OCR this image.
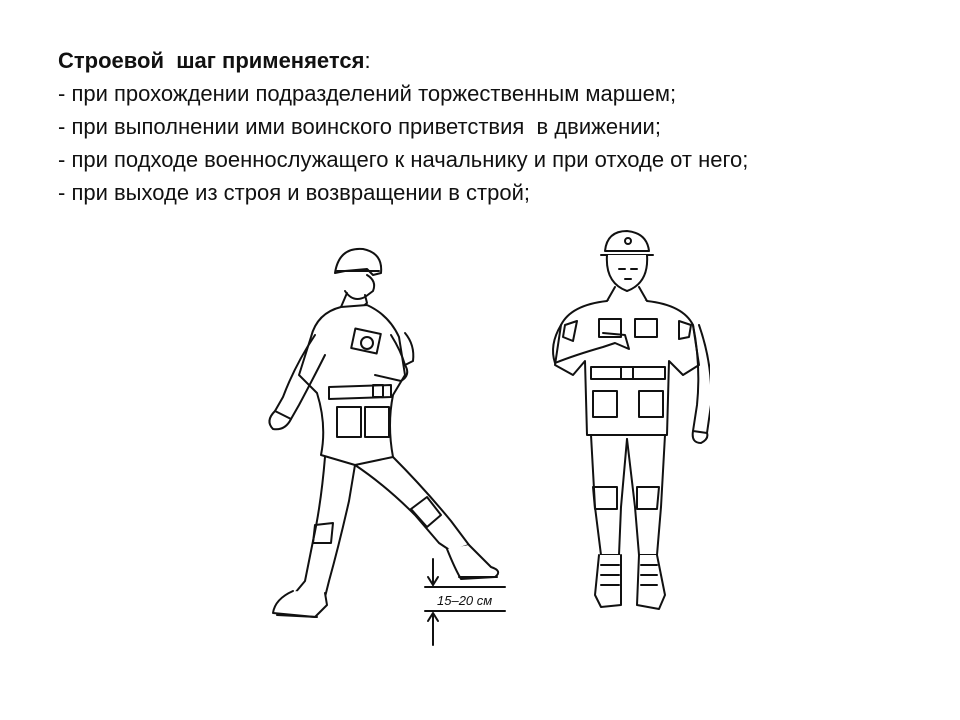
Строевой  шаг применяется:
- при прохождении подразделений торжественным маршем;
- при выполнении ими воинского приветствия  в движении;
- при подходе военнослужащего к начальнику и при отходе от него;
- при выходе из строя и возвращении в строй;
15–20 см
